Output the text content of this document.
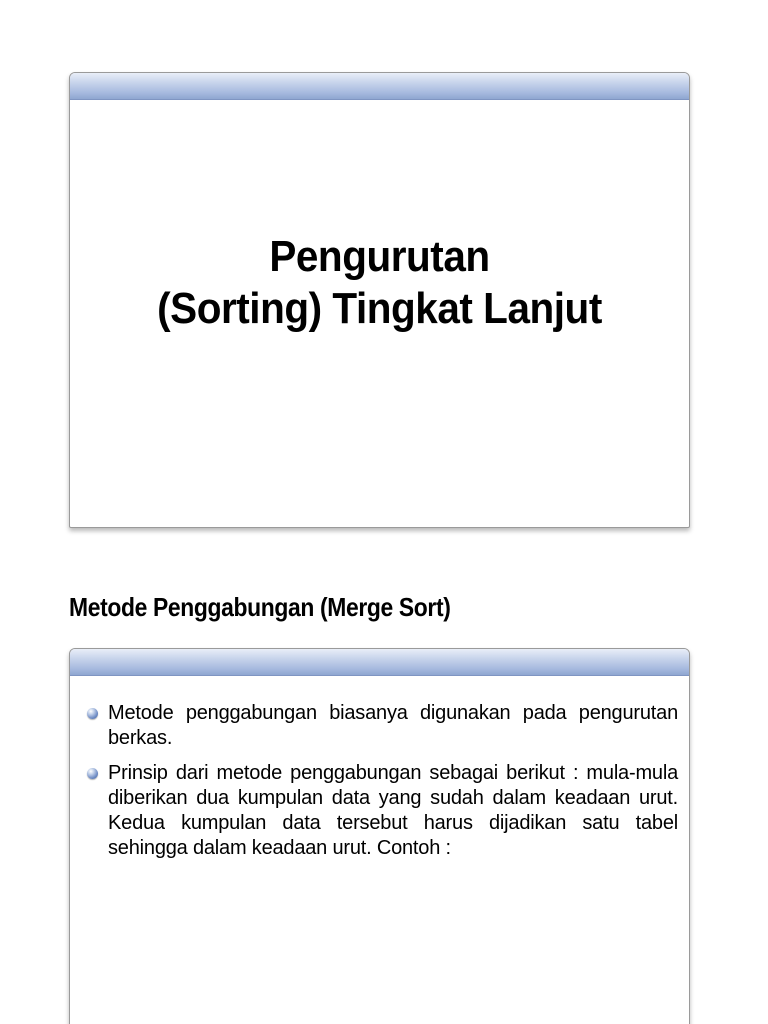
Pengurutan
(Sorting) Tingkat Lanjut
Metode Penggabungan (Merge Sort)
Metode penggabungan biasanya digunakan pada pengurutan berkas.
Prinsip dari metode penggabungan sebagai berikut : mula-mula diberikan dua kumpulan data yang sudah dalam keadaan urut. Kedua kumpulan data tersebut harus dijadikan satu tabel sehingga dalam keadaan urut. Contoh :
